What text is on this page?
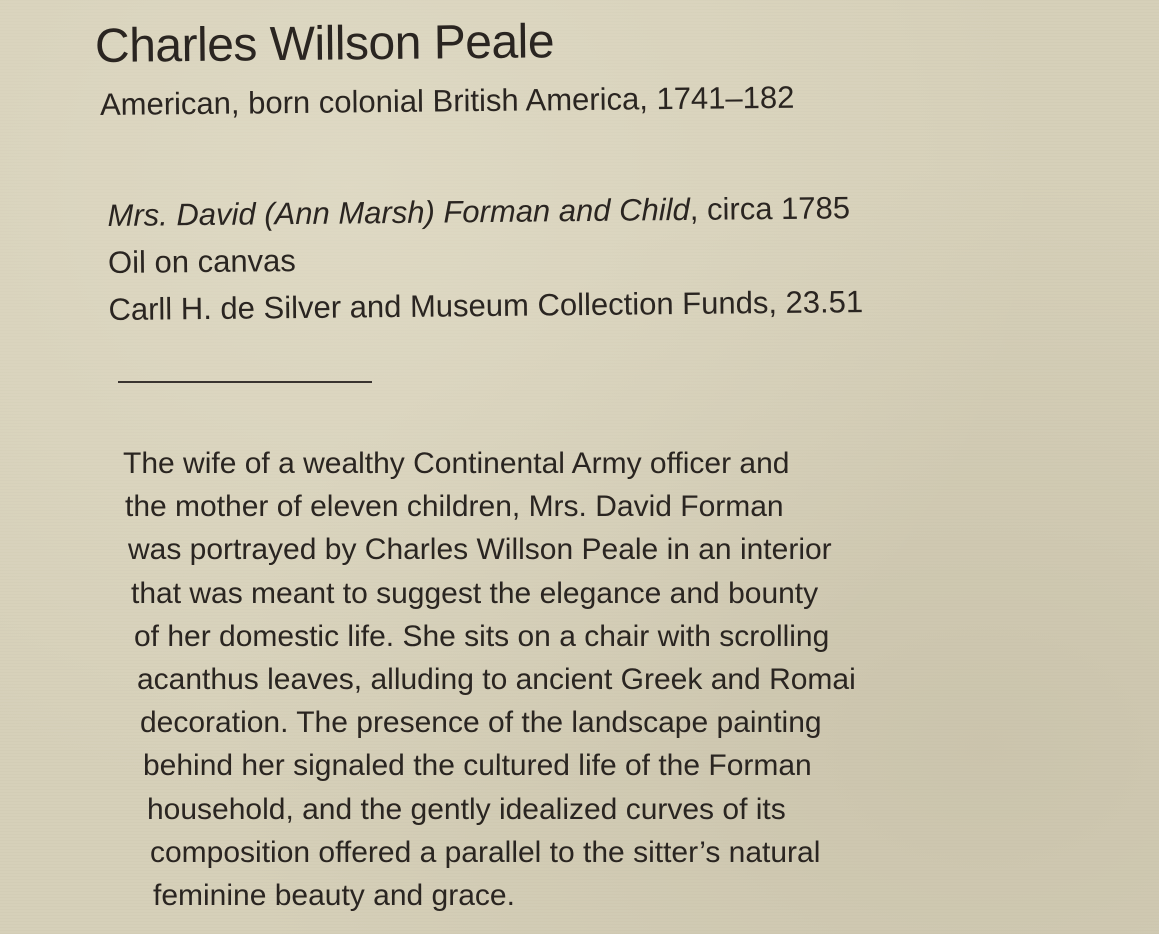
Charles Willson Peale
American, born colonial British America, 1741–182
Mrs. David (Ann Marsh) Forman and Child, circa 1785
Oil on canvas
Carll H. de Silver and Museum Collection Funds, 23.51
The wife of a wealthy Continental Army officer and
the mother of eleven children, Mrs. David Forman
was portrayed by Charles Willson Peale in an interior
that was meant to suggest the elegance and bounty
of her domestic life. She sits on a chair with scrolling
acanthus leaves, alluding to ancient Greek and Romai
decoration. The presence of the landscape painting
behind her signaled the cultured life of the Forman
household, and the gently idealized curves of its
composition offered a parallel to the sitter’s natural
feminine beauty and grace.
